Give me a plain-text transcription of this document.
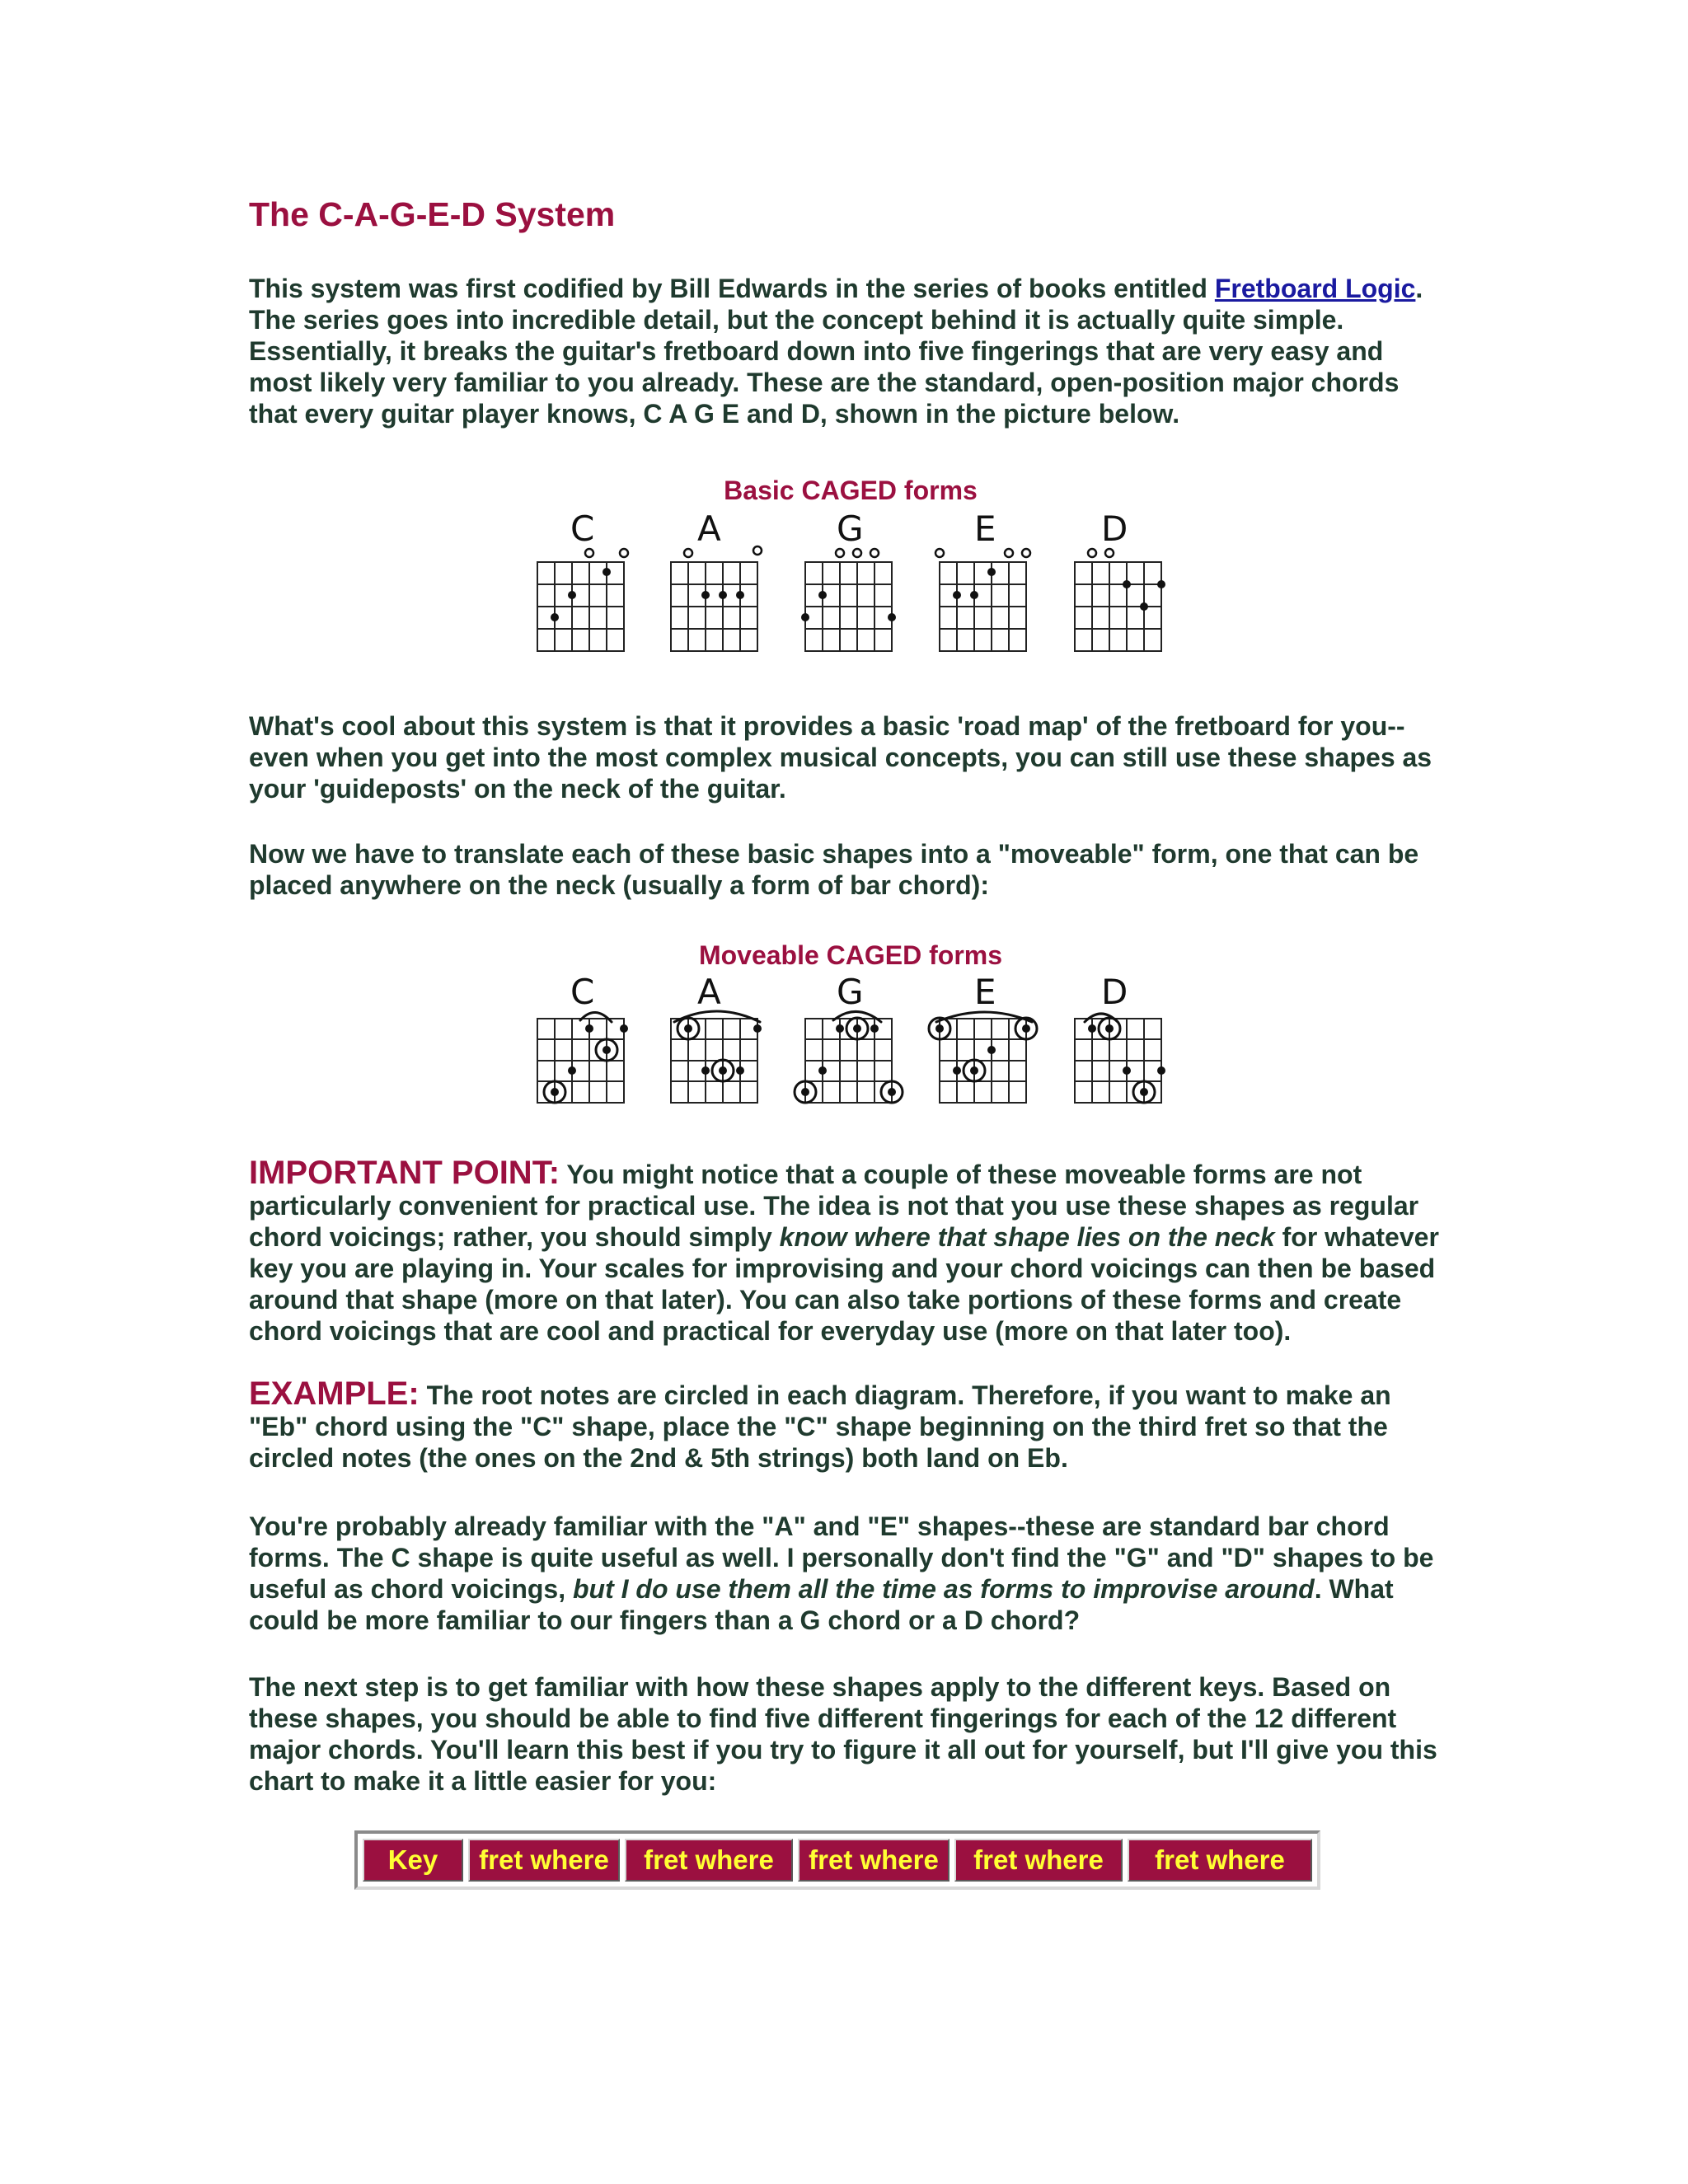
The C-A-G-E-D System

This system was first codified by Bill Edwards in the series of books entitled Fretboard Logic. The series goes into incredible detail, but the concept behind it is actually quite simple. Essentially, it breaks the guitar's fretboard down into five fingerings that are very easy and most likely very familiar to you already. These are the standard, open-position major chords that every guitar player knows, C A G E and D, shown in the picture below.

Basic CAGED forms

C	A	G	E	D

What's cool about this system is that it provides a basic 'road map' of the fretboard for you--even when you get into the most complex musical concepts, you can still use these shapes as your 'guideposts' on the neck of the guitar.

Now we have to translate each of these basic shapes into a "moveable" form, one that can be placed anywhere on the neck (usually a form of bar chord):

Moveable CAGED forms

C	A	G	E	D

IMPORTANT POINT: You might notice that a couple of these moveable forms are not particularly convenient for practical use. The idea is not that you use these shapes as regular chord voicings; rather, you should simply know where that shape lies on the neck for whatever key you are playing in. Your scales for improvising and your chord voicings can then be based around that shape (more on that later). You can also take portions of these forms and create chord voicings that are cool and practical for everyday use (more on that later too).

EXAMPLE: The root notes are circled in each diagram. Therefore, if you want to make an "Eb" chord using the "C" shape, place the "C" shape beginning on the third fret so that the circled notes (the ones on the 2nd & 5th strings) both land on Eb.

You're probably already familiar with the "A" and "E" shapes--these are standard bar chord forms. The C shape is quite useful as well. I personally don't find the "G" and "D" shapes to be useful as chord voicings, but I do use them all the time as forms to improvise around. What could be more familiar to our fingers than a G chord or a D chord?

The next step is to get familiar with how these shapes apply to the different keys. Based on these shapes, you should be able to find five different fingerings for each of the 12 different major chords. You'll learn this best if you try to figure it all out for yourself, but I'll give you this chart to make it a little easier for you:

Key	fret where	fret where	fret where	fret where	fret where
